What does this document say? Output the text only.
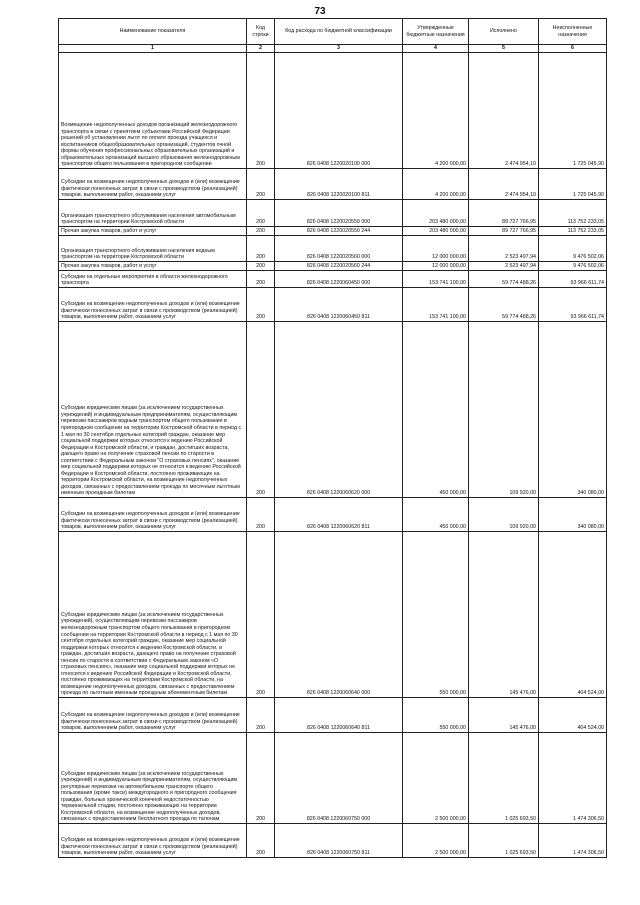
73
Наименование показателя	Код строки	Код расхода по бюджетной классификации	Утвержденные бюджетные назначения	Исполнено	Неисполненные назначения
1	2	3	4	5	6
Возмещение недополученных доходов организаций железнодорожного транспорта в связи с принятием субъектами Российской Федерации решений об установлении льгот по оплате проезда учащихся и воспитанников общеобразовательных организаций, студентов очной формы обучения профессиональных образовательных организаций и образовательных организаций высшего образования железнодорожным транспортом общего пользования в пригородном сообщении	200	826 0408 1220020100 000	4 200 000,00	2 474 954,10	1 725 045,90
Субсидии на возмещение недополученных доходов и (или) возмещение фактически понесенных затрат в связи с производством (реализацией) товаров, выполнением работ, оказанием услуг	200	826 0408 1220020100 811	4 200 000,00	2 474 954,10	1 725 045,90
Организация транспортного обслуживания населения автомобильным транспортом на территории Костромской области	200	826 0408 1220020550 000	203 480 000,00	89 727 766,95	113 752 233,05
Прочая закупка товаров, работ и услуг	200	826 0408 1220020550 244	203 480 000,00	89 727 766,95	113 752 233,05
Организация транспортного обслуживания населения водным транспортом на территории Костромской области	200	826 0408 1220020560 000	12 000 000,00	2 523 497,94	9 476 502,06
Прочая закупка товаров, работ и услуг	200	826 0408 1220020560 244	12 000 000,00	2 523 497,94	9 476 502,06
Субсидии на отдельные мероприятия в области железнодорожного транспорта	200	826 0408 1220060450 000	153 741 100,00	59 774 488,26	93 966 611,74
Субсидии на возмещение недополученных доходов и (или) возмещение фактически понесенных затрат в связи с производством (реализацией) товаров, выполнением работ, оказанием услуг	200	826 0408 1220060450 811	153 741 100,00	59 774 488,26	93 966 611,74
Субсидии юридическим лицам (за исключением государственных учреждений) и индивидуальным предпринимателям, осуществляющим перевозки пассажиров водным транспортом общего пользования в пригородном сообщении на территории Костромской области в период с 1 мая по 30 сентября отдельных категорий граждан, оказание мер социальной поддержки которых относится к ведению Российской Федерации и Костромской области, и граждан, достигших возраста, дающего право на получение страховой пенсии по старости в соответствии с Федеральным законом "О страховых пенсиях", оказание мер социальной поддержки которых не относится к ведению Российской Федерации и Костромской области, постоянно проживающих на территории Костромской области, на возмещение недополученных доходов, связанных с предоставлением проезда по месячным льготным именным проездным билетам	200	826 0408 1220060620 000	450 000,00	109 920,00	340 080,00
Субсидии на возмещение недополученных доходов и (или) возмещение фактически понесенных затрат в связи с производством (реализацией) товаров, выполнением работ, оказанием услуг	200	826 0408 1220060620 811	450 000,00	109 920,00	340 080,00
Субсидии юридическим лицам (за исключением государственных учреждений), осуществляющим перевозки пассажиров железнодорожным транспортом общего пользования в пригородном сообщении на территории Костромской области в период с 1 мая по 30 сентября отдельных категорий граждан, оказание мер социальной поддержки которых относится к ведению Костромской области, и граждан, достигших возраста, дающего право на получение страховой пенсии по старости в соответствии с Федеральным законом «О страховых пенсиях», оказание мер социальной поддержки которых не относится к ведению Российской Федерации и Костромской области, постоянно проживающих на территории Костромской области, на возмещение недополученных доходов, связанных с предоставлением проезда по льготным именным проездным абонементным билетам	200	826 0408 1220060640 000	550 000,00	145 476,00	404 524,00
Субсидии на возмещение недополученных доходов и (или) возмещение фактически понесенных затрат в связи с производством (реализацией) товаров, выполнением работ, оказанием услуг	200	826 0408 1220060640 811	550 000,00	145 476,00	404 524,00
Субсидии юридическим лицам (за исключением государственных учреждений) и индивидуальным предпринимателям, осуществляющим регулярные перевозки на автомобильном транспорте общего пользования (кроме такси) междугородного и пригородного сообщения граждан, больных хронической конечной недостаточностью терминальной стадии, постоянно проживающих на территории Костромской области, на возмещение недополученных доходов, связанных с предоставлением бесплатного проезда по талонам	200	826 0408 1220060750 000	2 500 000,00	1 025 693,50	1 474 306,50
Субсидии на возмещение недополученных доходов и (или) возмещение фактически понесенных затрат в связи с производством (реализацией) товаров, выполнением работ, оказанием услуг	200	826 0408 1220060750 811	2 500 000,00	1 025 693,50	1 474 306,50
